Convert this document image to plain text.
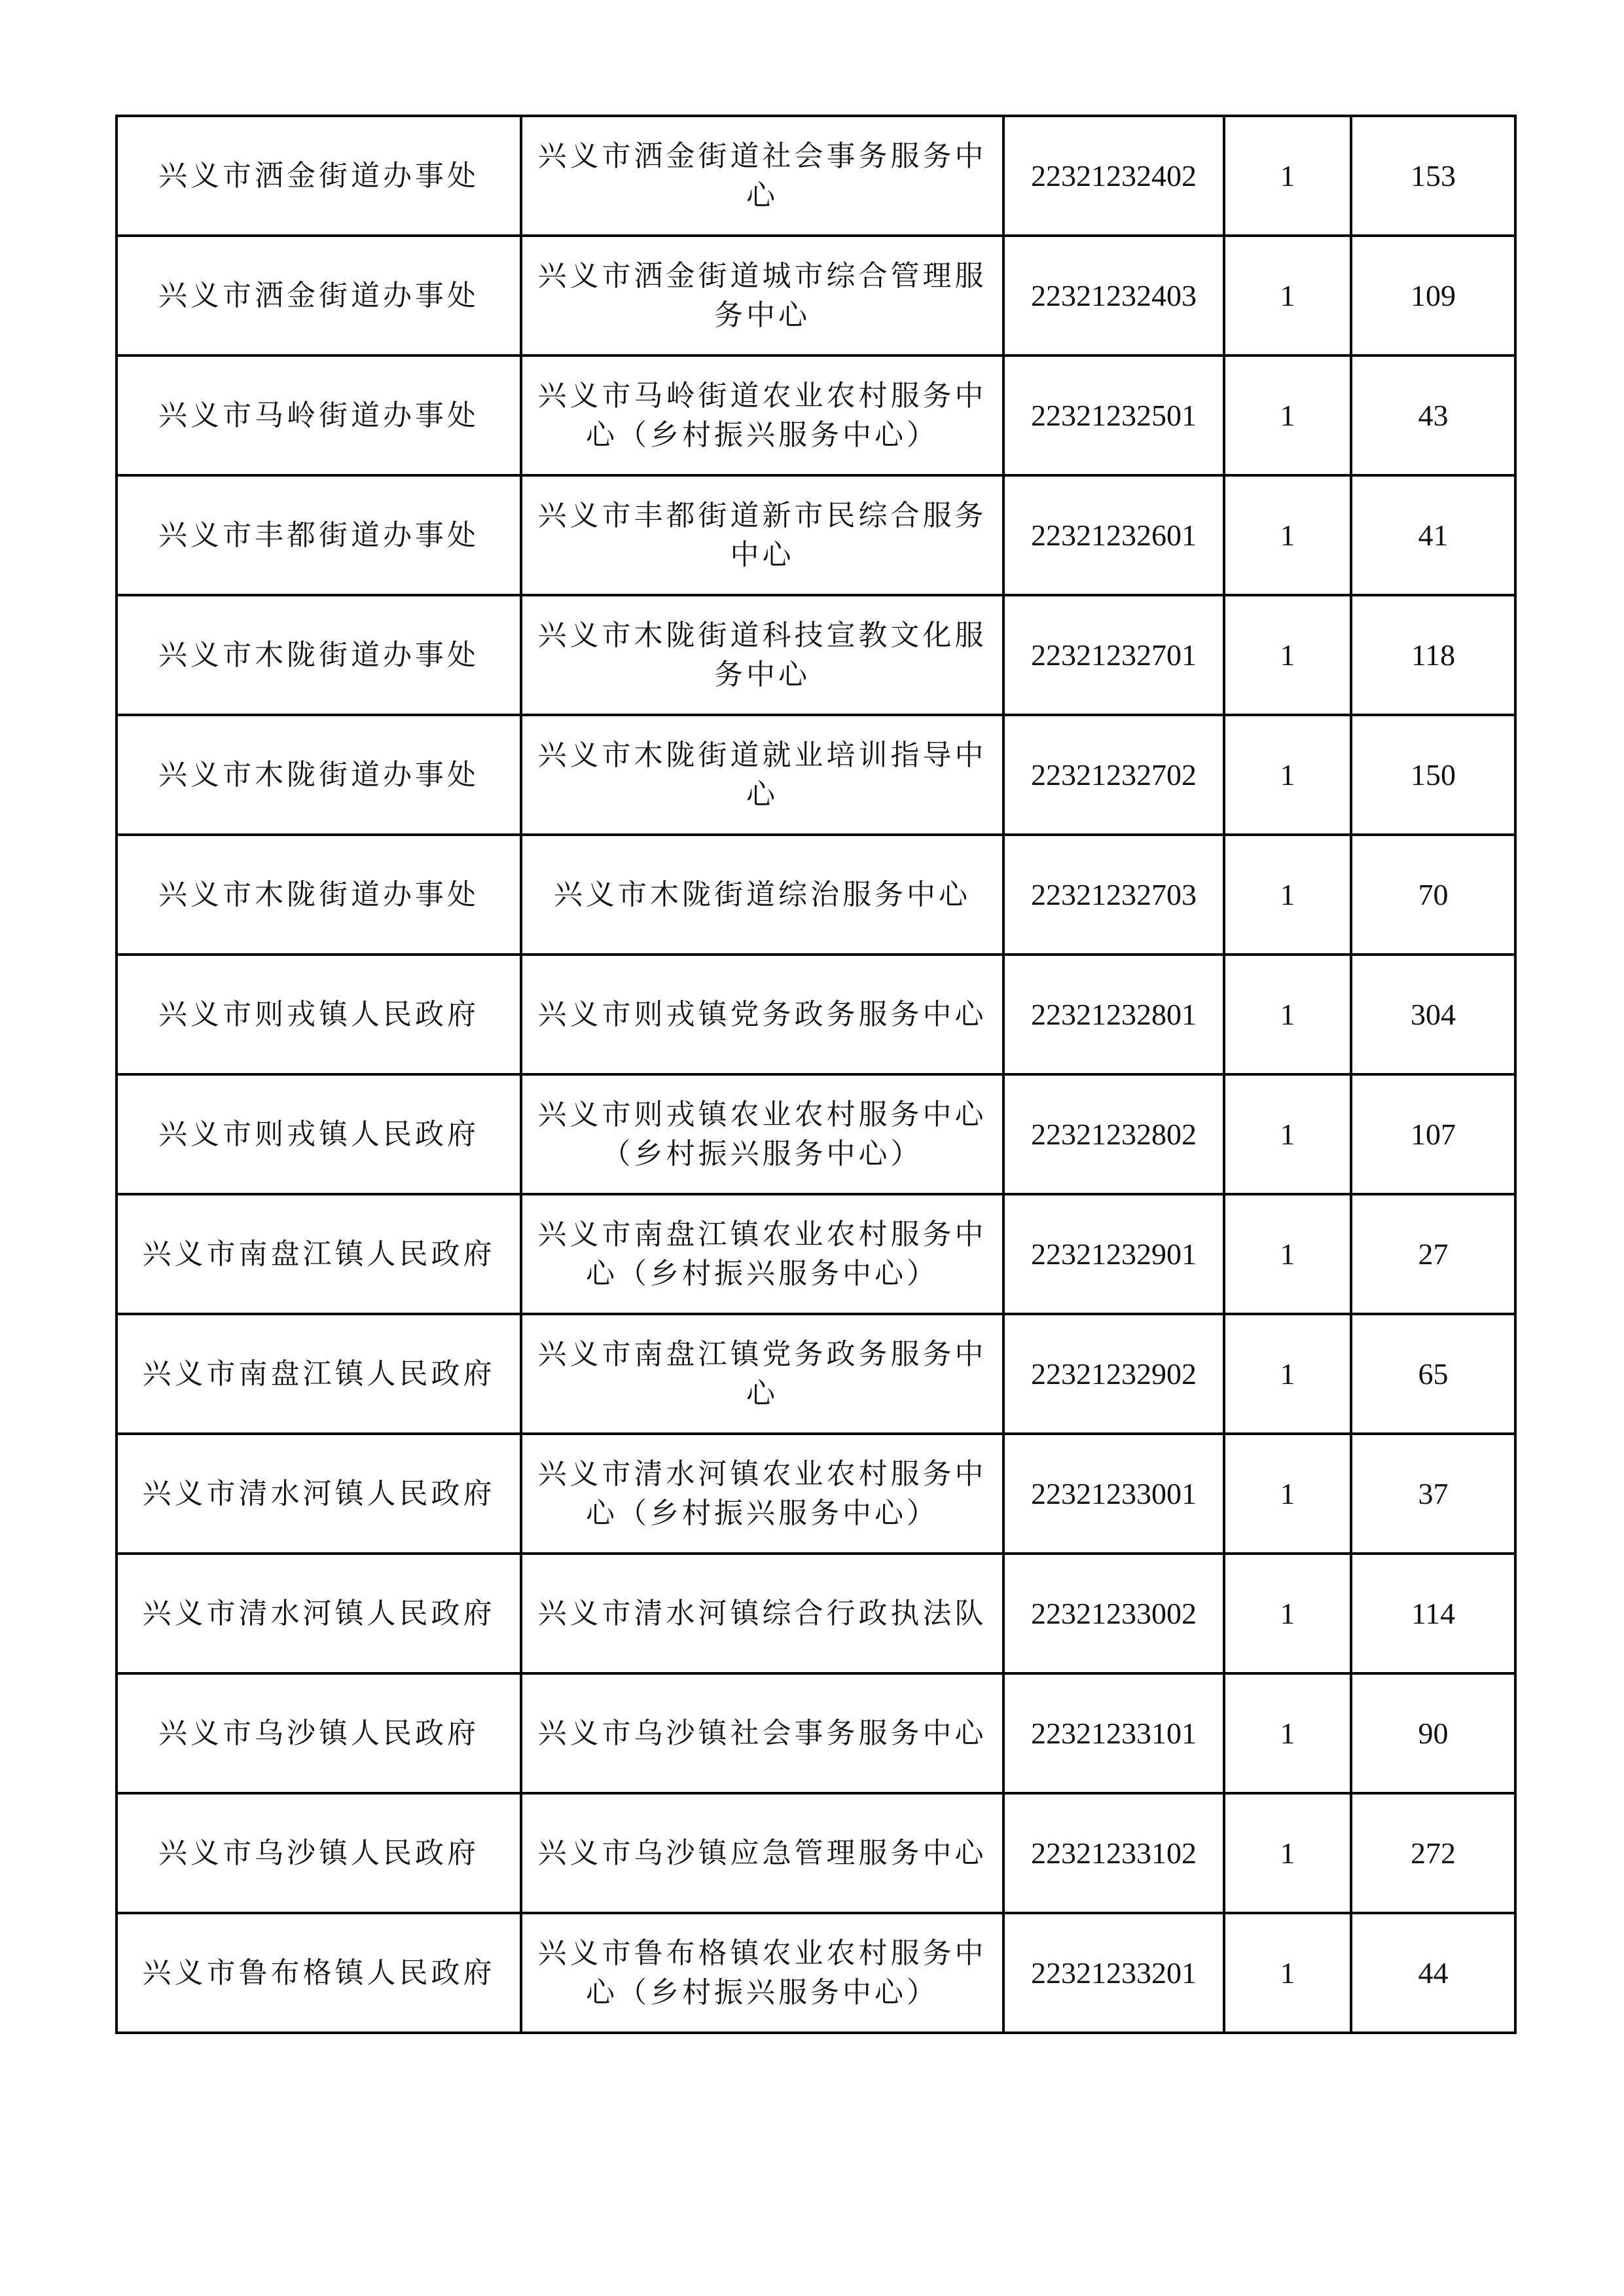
兴义市洒金街道办事处	兴义市洒金街道社会事务服务中心	22321232402	1	153
兴义市洒金街道办事处	兴义市洒金街道城市综合管理服务中心	22321232403	1	109
兴义市马岭街道办事处	兴义市马岭街道农业农村服务中心（乡村振兴服务中心）	22321232501	1	43
兴义市丰都街道办事处	兴义市丰都街道新市民综合服务中心	22321232601	1	41
兴义市木陇街道办事处	兴义市木陇街道科技宣教文化服务中心	22321232701	1	118
兴义市木陇街道办事处	兴义市木陇街道就业培训指导中心	22321232702	1	150
兴义市木陇街道办事处	兴义市木陇街道综治服务中心	22321232703	1	70
兴义市则戎镇人民政府	兴义市则戎镇党务政务服务中心	22321232801	1	304
兴义市则戎镇人民政府	兴义市则戎镇农业农村服务中心（乡村振兴服务中心）	22321232802	1	107
兴义市南盘江镇人民政府	兴义市南盘江镇农业农村服务中心（乡村振兴服务中心）	22321232901	1	27
兴义市南盘江镇人民政府	兴义市南盘江镇党务政务服务中心	22321232902	1	65
兴义市清水河镇人民政府	兴义市清水河镇农业农村服务中心（乡村振兴服务中心）	22321233001	1	37
兴义市清水河镇人民政府	兴义市清水河镇综合行政执法队	22321233002	1	114
兴义市乌沙镇人民政府	兴义市乌沙镇社会事务服务中心	22321233101	1	90
兴义市乌沙镇人民政府	兴义市乌沙镇应急管理服务中心	22321233102	1	272
兴义市鲁布格镇人民政府	兴义市鲁布格镇农业农村服务中心（乡村振兴服务中心）	22321233201	1	44
